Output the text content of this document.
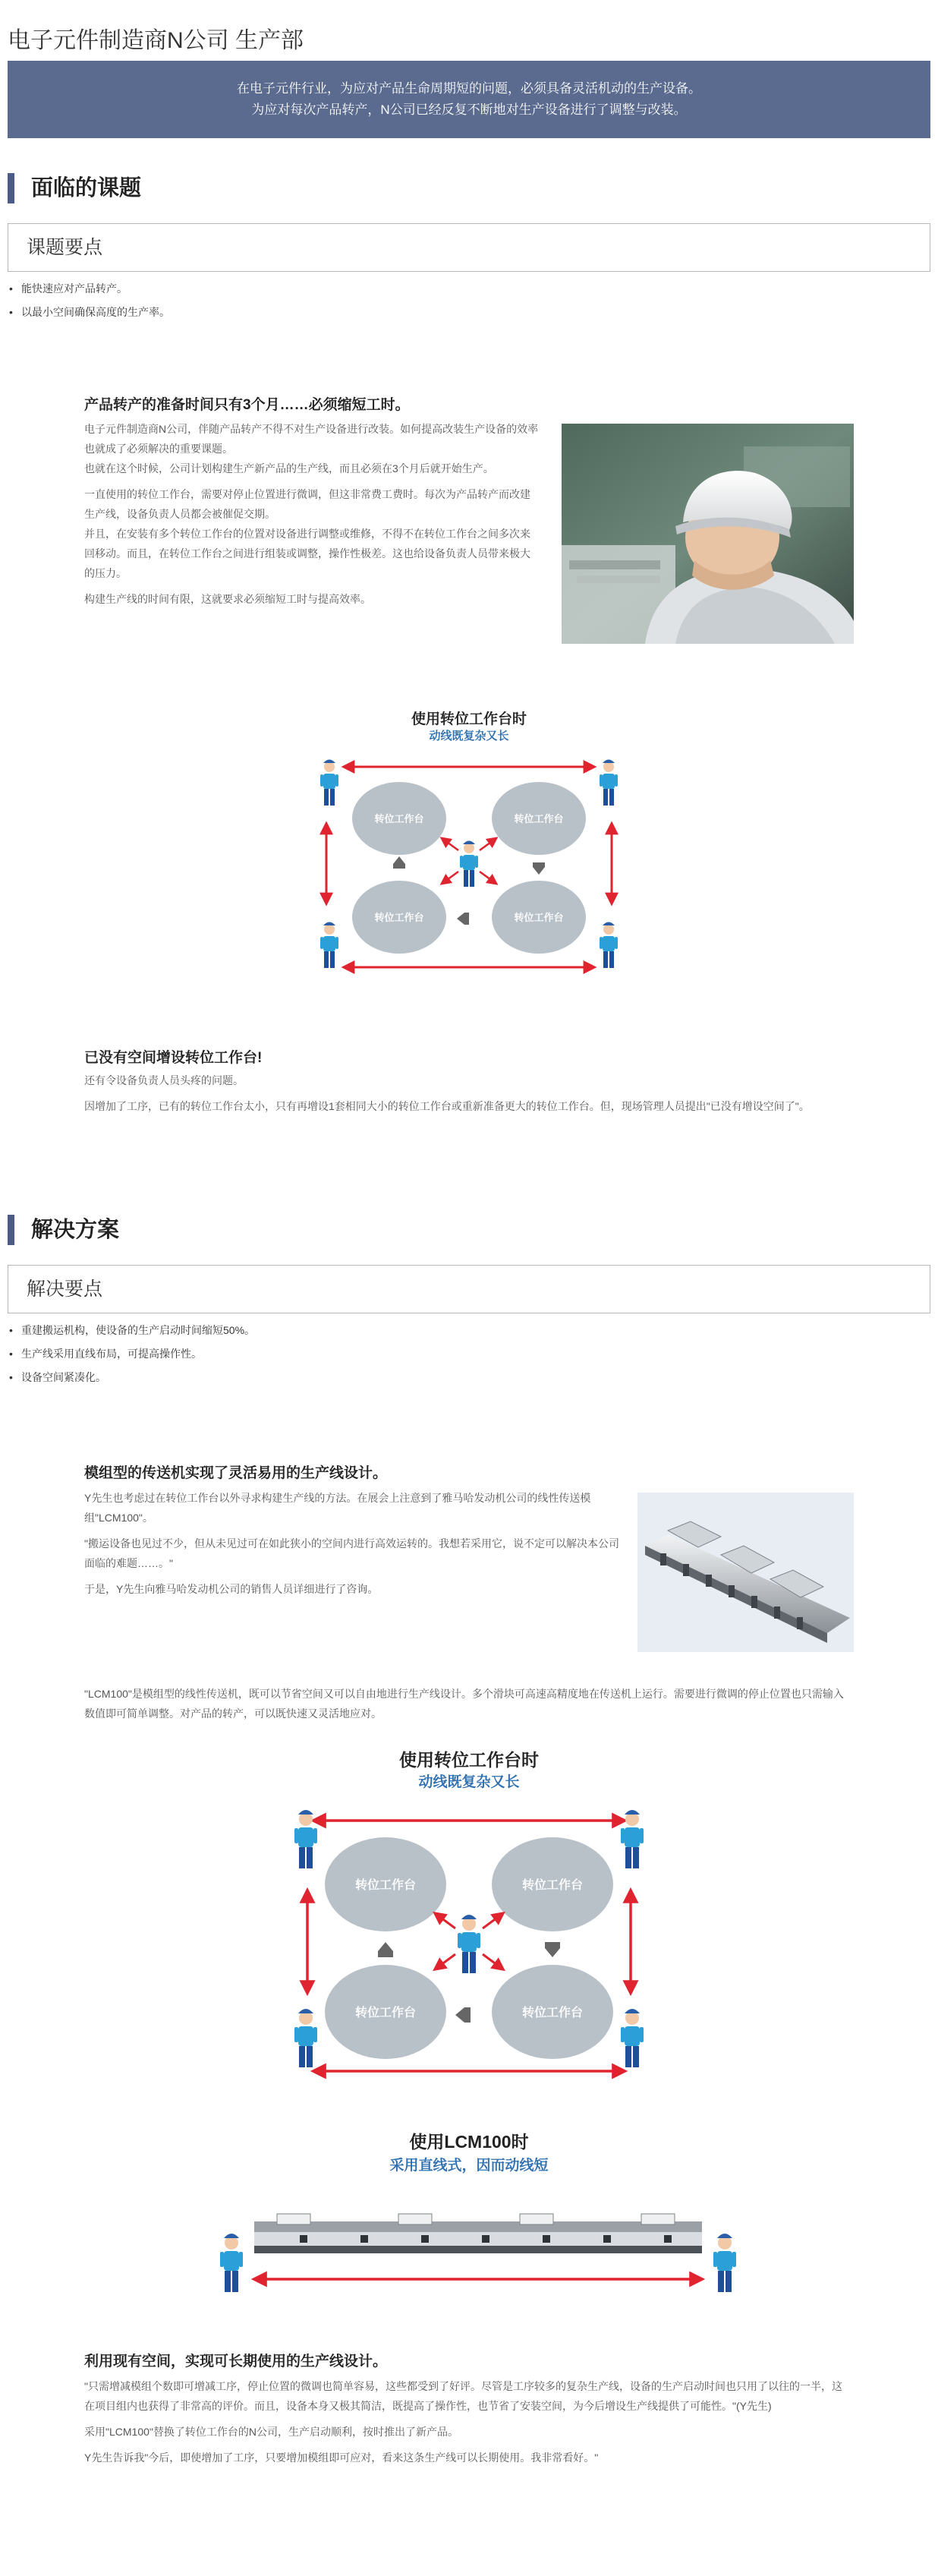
电子元件制造商N公司 生产部
在电子元件行业，为应对产品生命周期短的问题，必须具备灵活机动的生产设备。
为应对每次产品转产，N公司已经反复不断地对生产设备进行了调整与改装。
面临的课题
课题要点
• 能快速应对产品转产。
• 以最小空间确保高度的生产率。
产品转产的准备时间只有3个月……必须缩短工时。

电子元件制造商N公司，伴随产品转产不得不对生产设备进行改装。如何提高改装生产设备的效率也就成了必须解决的重要课题。

也就在这个时候，公司计划构建生产新产品的生产线，而且必须在3个月后就开始生产。

一直使用的转位工作台，需要对停止位置进行微调，但这非常费工费时。每次为产品转产而改建生产线，设备负责人员都会被催促交期。

并且，在安装有多个转位工作台的位置对设备进行调整或维修，不得不在转位工作台之间多次来回移动。而且，在转位工作台之间进行组装或调整，操作性极差。这也给设备负责人员带来极大的压力。

构建生产线的时间有限，这就要求必须缩短工时与提高效率。

使用转位工作台时
动线既复杂又长
转位工作台	转位工作台
转位工作台	转位工作台
已没有空间增设转位工作台!

还有令设备负责人员头疼的问题。

因增加了工序，已有的转位工作台太小，只有再增设1套相同大小的转位工作台或重新准备更大的转位工作台。但，现场管理人员提出"已没有增设空间了"。

解决方案
解决要点
• 重建搬运机构，使设备的生产启动时间缩短50%。
• 生产线采用直线布局，可提高操作性。
• 设备空间紧凑化。
模组型的传送机实现了灵活易用的生产线设计。

Y先生也考虑过在转位工作台以外寻求构建生产线的方法。在展会上注意到了雅马哈发动机公司的线性传送模组"LCM100"。

"搬运设备也见过不少，但从未见过可在如此狭小的空间内进行高效运转的。我想若采用它，说不定可以解决本公司面临的难题……。"

于是，Y先生向雅马哈发动机公司的销售人员详细进行了咨询。

"LCM100"是模组型的线性传送机，既可以节省空间又可以自由地进行生产线设计。多个滑块可高速高精度地在传送机上运行。需要进行微调的停止位置也只需输入数值即可简单调整。对产品的转产，可以既快速又灵活地应对。
使用转位工作台时
动线既复杂又长
转位工作台	转位工作台
转位工作台	转位工作台
使用LCM100时
采用直线式，因而动线短
利用现有空间，实现可长期使用的生产线设计。

"只需增减模组个数即可增减工序，停止位置的微调也简单容易，这些都受到了好评。尽管是工序较多的复杂生产线，设备的生产启动时间也只用了以往的一半，这在项目组内也获得了非常高的评价。而且，设备本身又极其简洁，既提高了操作性，也节省了安装空间，为今后增设生产线提供了可能性。"(Y先生)

采用"LCM100"替换了转位工作台的N公司，生产启动顺利，按时推出了新产品。

Y先生告诉我"今后，即使增加了工序，只要增加模组即可应对，看来这条生产线可以长期使用。我非常看好。"
